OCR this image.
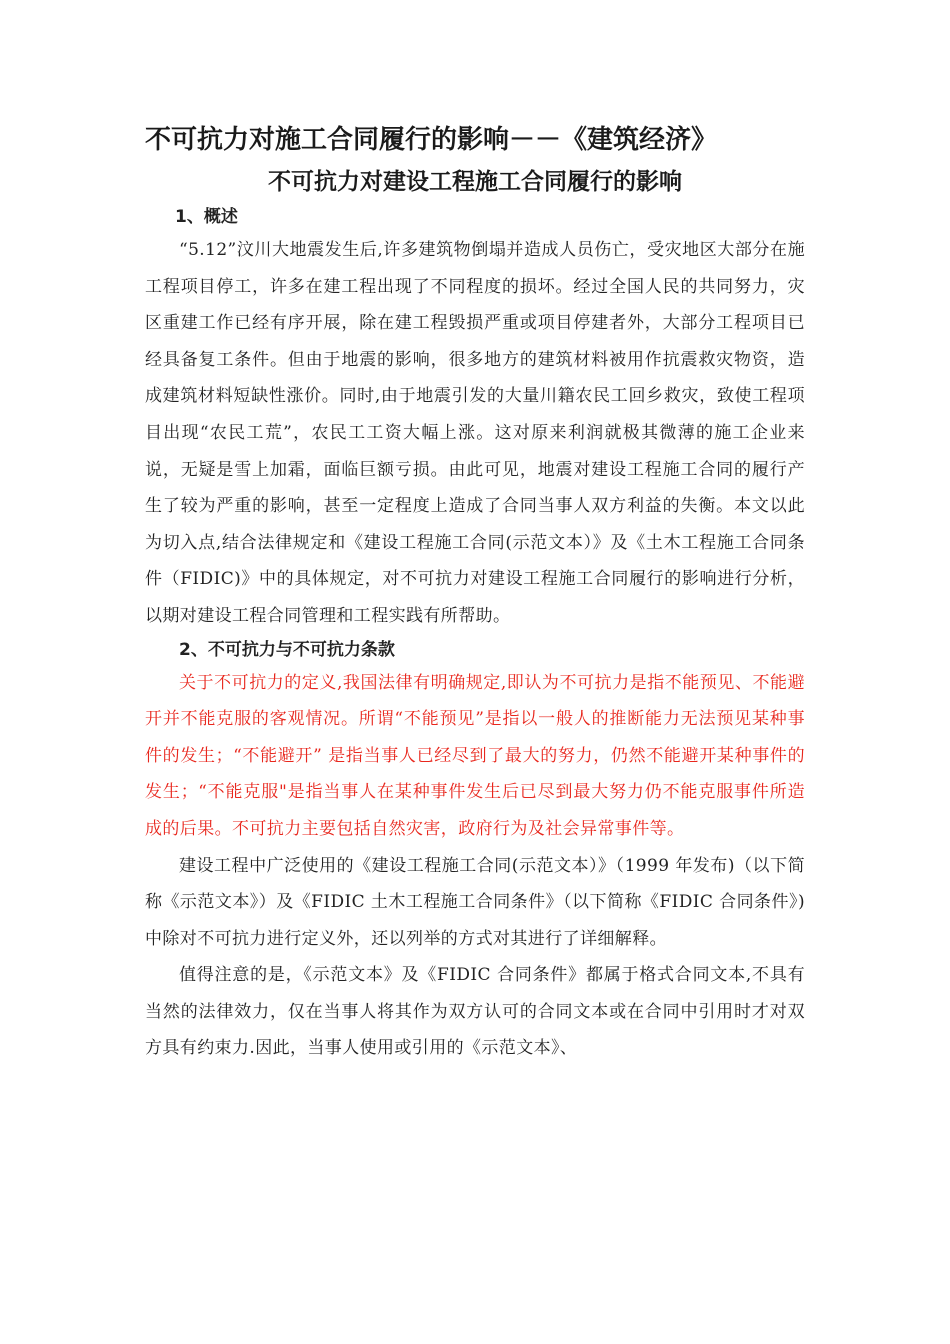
不可抗力对施工合同履行的影响－－《建筑经济》
不可抗力对建设工程施工合同履行的影响

1、概述

“5.12”汶川大地震发生后,许多建筑物倒塌并造成人员伤亡，受灾地区大部分在施工程项目停工，许多在建工程出现了不同程度的损坏。经过全国人民的共同努力，灾区重建工作已经有序开展，除在建工程毁损严重或项目停建者外，大部分工程项目已经具备复工条件。但由于地震的影响，很多地方的建筑材料被用作抗震救灾物资，造成建筑材料短缺性涨价。同时,由于地震引发的大量川籍农民工回乡救灾，致使工程项目出现“农民工荒”，农民工工资大幅上涨。这对原来利润就极其微薄的施工企业来说，无疑是雪上加霜，面临巨额亏损。由此可见，地震对建设工程施工合同的履行产生了较为严重的影响，甚至一定程度上造成了合同当事人双方利益的失衡。本文以此为切入点,结合法律规定和《建设工程施工合同(示范文本）》及《土木工程施工合同条件（FIDIC)》中的具体规定，对不可抗力对建设工程施工合同履行的影响进行分析，以期对建设工程合同管理和工程实践有所帮助。

2、不可抗力与不可抗力条款

关于不可抗力的定义,我国法律有明确规定,即认为不可抗力是指不能预见、不能避开并不能克服的客观情况。所谓“不能预见”是指以一般人的推断能力无法预见某种事件的发生；“不能避开” 是指当事人已经尽到了最大的努力，仍然不能避开某种事件的发生；“不能克服"是指当事人在某种事件发生后已尽到最大努力仍不能克服事件所造成的后果。不可抗力主要包括自然灾害，政府行为及社会异常事件等。

建设工程中广泛使用的《建设工程施工合同(示范文本）》（1999 年发布)（以下简称《示范文本》）及《FIDIC 土木工程施工合同条件》（以下简称《FIDIC 合同条件》)中除对不可抗力进行定义外，还以列举的方式对其进行了详细解释。

值得注意的是，《示范文本》及《FIDIC 合同条件》都属于格式合同文本,不具有当然的法律效力，仅在当事人将其作为双方认可的合同文本或在合同中引用时才对双方具有约束力.因此，当事人使用或引用的《示范文本》、
